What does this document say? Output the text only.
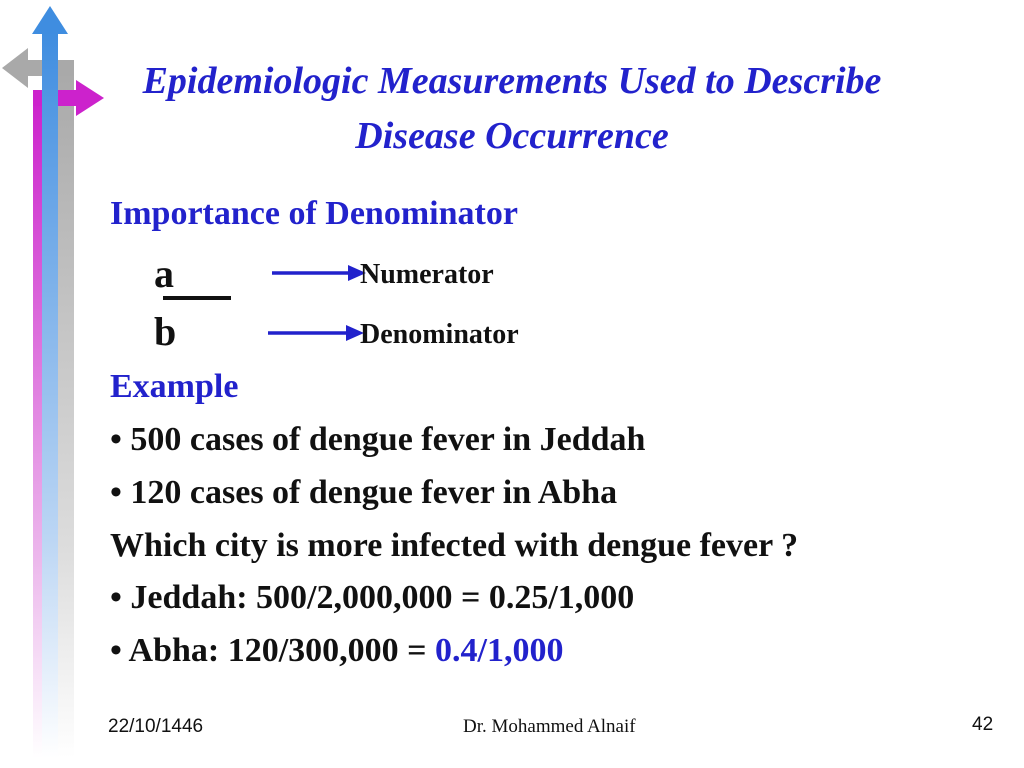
Epidemiologic Measurements Used to Describe
Disease Occurrence
Importance of Denominator
a
b
Numerator
Denominator
Example
• 500 cases of dengue fever in Jeddah
• 120 cases of dengue fever in Abha
Which city is more infected with dengue fever ?
• Jeddah: 500/2,000,000 = 0.25/1,000
• Abha: 120/300,000 = 0.4/1,000
22/10/1446	Dr. Mohammed Alnaif	42
